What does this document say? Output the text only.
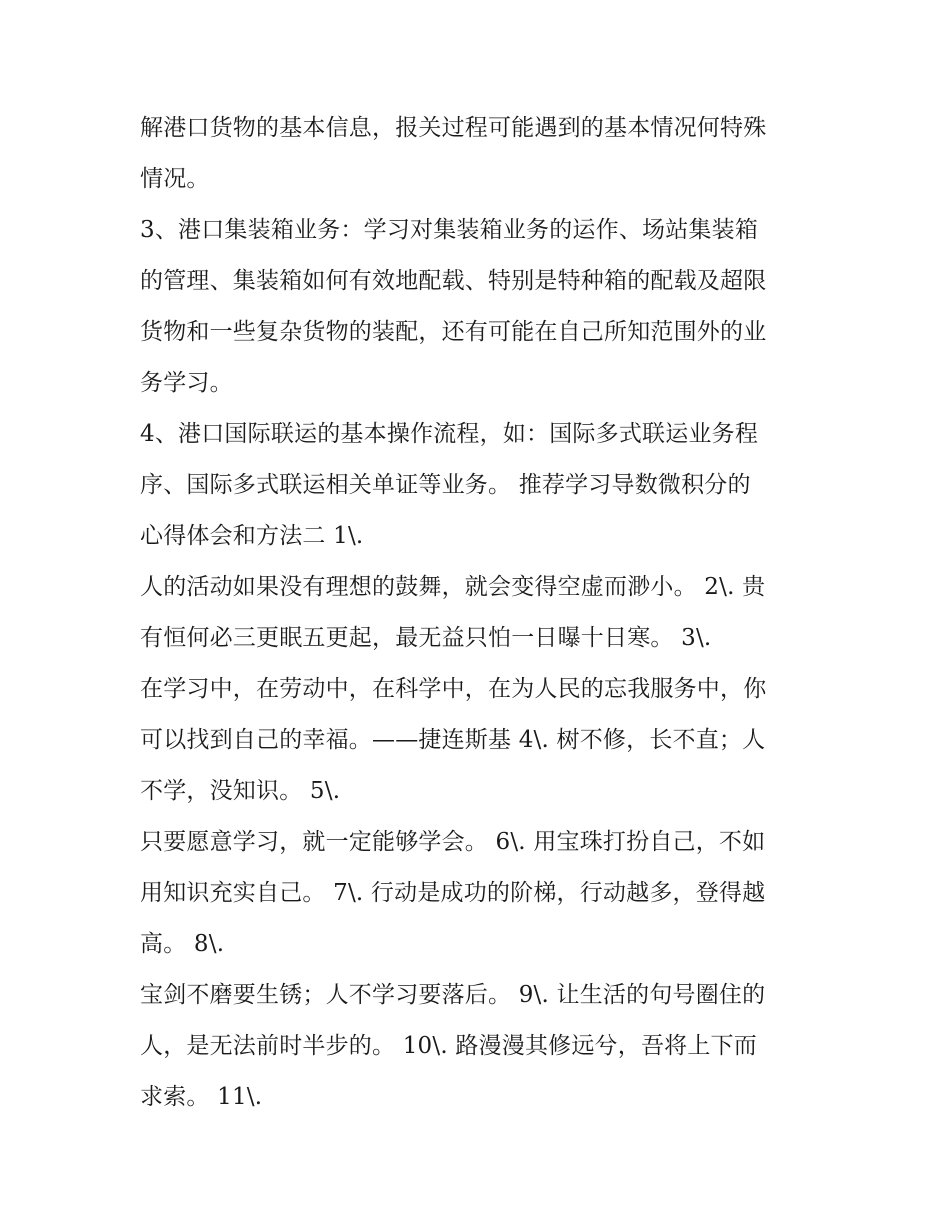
解港口货物的基本信息，报关过程可能遇到的基本情况何特殊
情况。
3、港口集装箱业务：学习对集装箱业务的运作、场站集装箱
的管理、集装箱如何有效地配载、特别是特种箱的配载及超限
货物和一些复杂货物的装配，还有可能在自己所知范围外的业
务学习。
4、港口国际联运的基本操作流程，如：国际多式联运业务程
序、国际多式联运相关单证等业务。 推荐学习导数微积分的
心得体会和方法二 1\.
人的活动如果没有理想的鼓舞，就会变得空虚而渺小。 2\. 贵
有恒何必三更眠五更起，最无益只怕一日曝十日寒。 3\.
在学习中，在劳动中，在科学中，在为人民的忘我服务中，你
可以找到自己的幸福。——捷连斯基 4\. 树不修，长不直；人
不学，没知识。 5\.
只要愿意学习，就一定能够学会。 6\. 用宝珠打扮自己，不如
用知识充实自己。 7\. 行动是成功的阶梯，行动越多，登得越
高。 8\.
宝剑不磨要生锈；人不学习要落后。 9\. 让生活的句号圈住的
人，是无法前时半步的。 10\. 路漫漫其修远兮，吾将上下而
求索。 11\.
